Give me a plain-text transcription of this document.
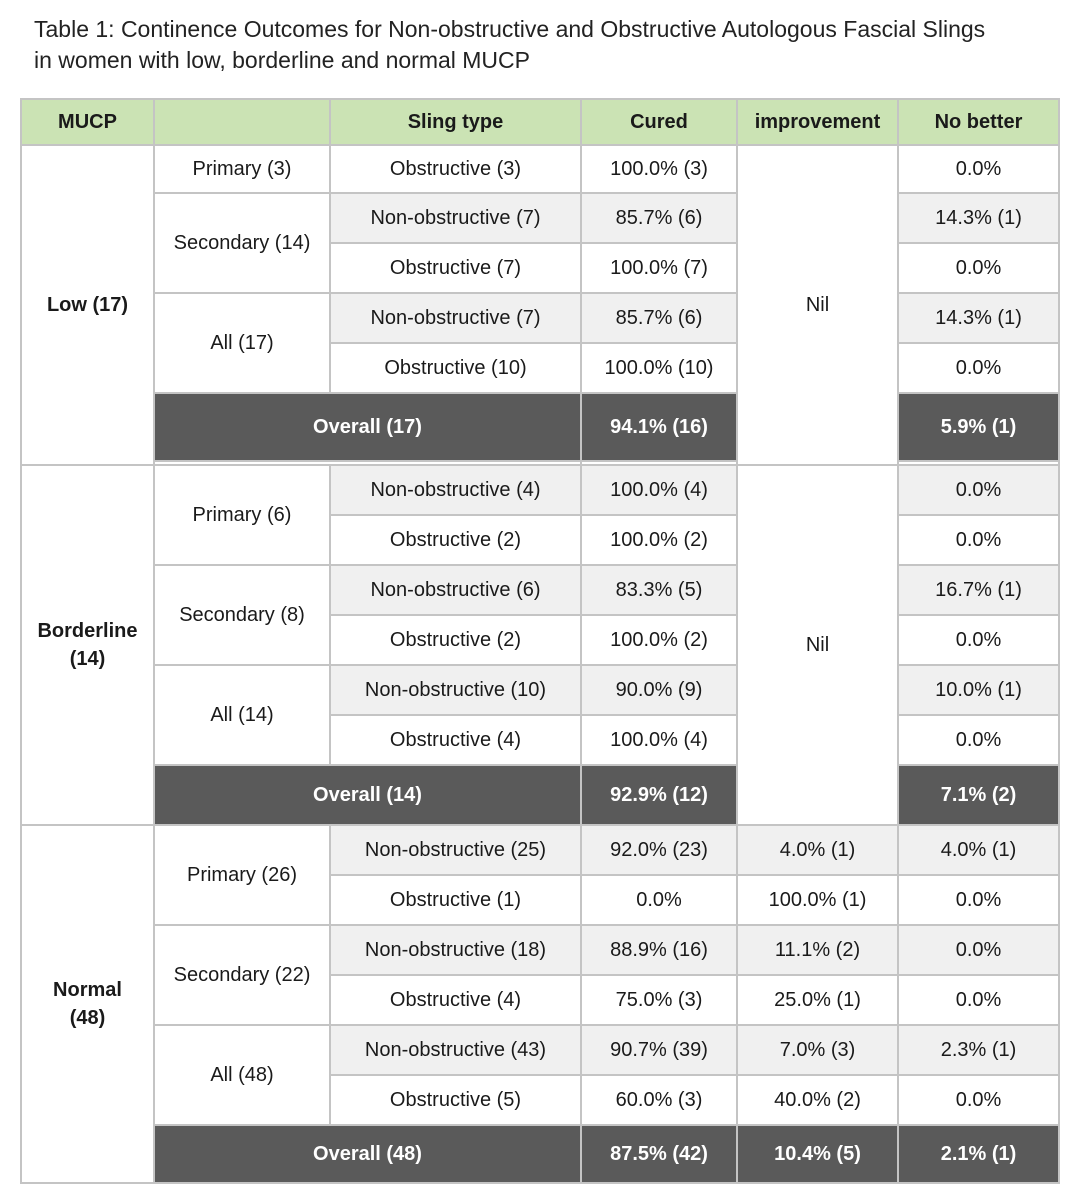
Table 1: Continence Outcomes for Non-obstructive and Obstructive Autologous Fascial Slings
in women with low, borderline and normal MUCP
MUCP		Sling type	Cured	improvement	No better
Low (17)	Primary (3)	Obstructive (3)	100.0% (3)	Nil	0.0%
	Secondary (14)	Non-obstructive (7)	85.7% (6)		14.3% (1)
		Obstructive (7)	100.0% (7)		0.0%
	All (17)	Non-obstructive (7)	85.7% (6)		14.3% (1)
		Obstructive (10)	100.0% (10)		0.0%
	Overall (17)		94.1% (16)		5.9% (1)

Borderline (14)	Primary (6)	Non-obstructive (4)	100.0% (4)	Nil	0.0%
		Obstructive (2)	100.0% (2)		0.0%
	Secondary (8)	Non-obstructive (6)	83.3% (5)		16.7% (1)
		Obstructive (2)	100.0% (2)		0.0%
	All (14)	Non-obstructive (10)	90.0% (9)		10.0% (1)
		Obstructive (4)	100.0% (4)		0.0%
	Overall (14)		92.9% (12)		7.1% (2)

Normal (48)	Primary (26)	Non-obstructive (25)	92.0% (23)	4.0% (1)	4.0% (1)
		Obstructive (1)	0.0%	100.0% (1)	0.0%
	Secondary (22)	Non-obstructive (18)	88.9% (16)	11.1% (2)	0.0%
		Obstructive (4)	75.0% (3)	25.0% (1)	0.0%
	All (48)	Non-obstructive (43)	90.7% (39)	7.0% (3)	2.3% (1)
		Obstructive (5)	60.0% (3)	40.0% (2)	0.0%
	Overall (48)		87.5% (42)	10.4% (5)	2.1% (1)
